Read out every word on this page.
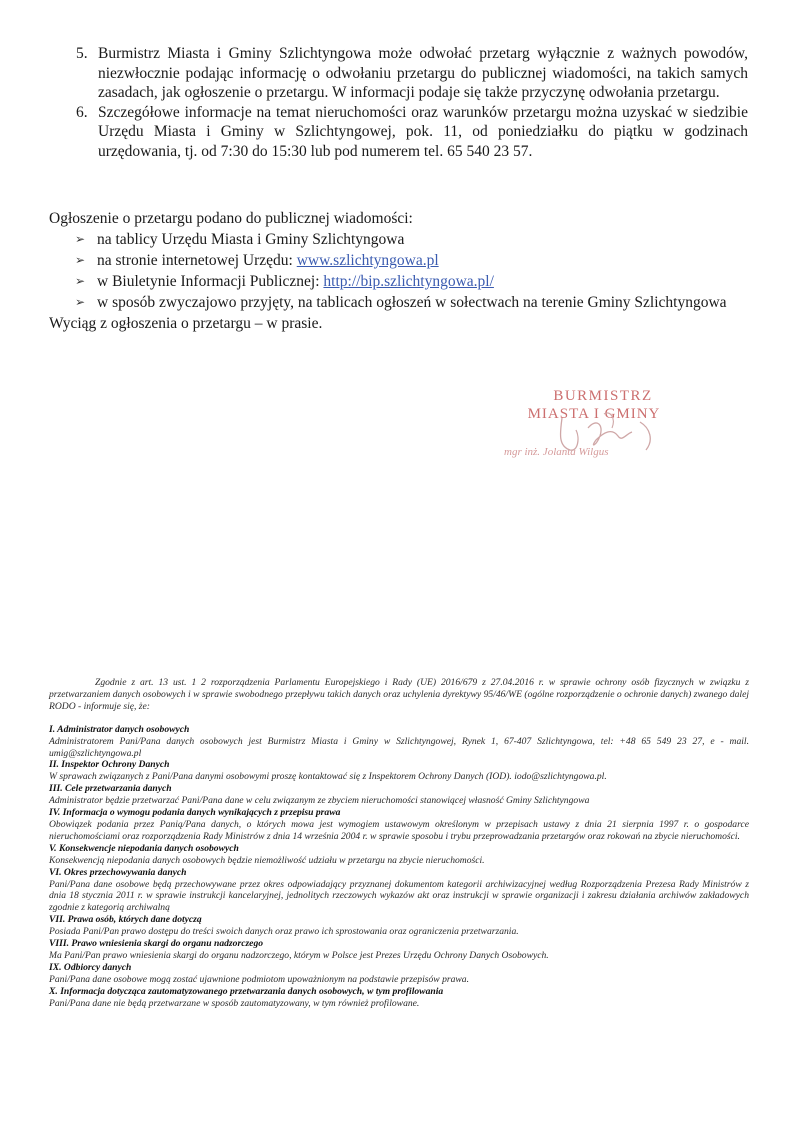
5. Burmistrz Miasta i Gminy Szlichtyngowa może odwołać przetarg wyłącznie z ważnych powodów, niezwłocznie podając informację o odwołaniu przetargu do publicznej wiadomości, na takich samych zasadach, jak ogłoszenie o przetargu. W informacji podaje się także przyczynę odwołania przetargu.
6. Szczegółowe informacje na temat nieruchomości oraz warunków przetargu można uzyskać w siedzibie Urzędu Miasta i Gminy w Szlichtyngowej, pok. 11, od poniedziałku do piątku w godzinach urzędowania, tj. od 7:30 do 15:30 lub pod numerem tel. 65 540 23 57.

Ogłoszenie o przetargu podano do publicznej wiadomości:

➢ na tablicy Urzędu Miasta i Gminy Szlichtyngowa
➢ na stronie internetowej Urzędu: www.szlichtyngowa.pl
➢ w Biuletynie Informacji Publicznej: http://bip.szlichtyngowa.pl/
➢ w sposób zwyczajowo przyjęty, na tablicach ogłoszeń w sołectwach na terenie Gminy Szlichtyngowa

Wyciąg z ogłoszenia o przetargu – w prasie.

BURMISTRZ
MIASTA I GMINY
mgr inż. Jolanta Wilgus

Zgodnie z art. 13 ust. 1 2 rozporządzenia Parlamentu Europejskiego i Rady (UE) 2016/679 z 27.04.2016 r. w sprawie ochrony osób fizycznych w związku z przetwarzaniem danych osobowych i w sprawie swobodnego przepływu takich danych oraz uchylenia dyrektywy 95/46/WE (ogólne rozporządzenie o ochronie danych) zwanego dalej RODO - informuje się, że:

I. Administrator danych osobowych

Administratorem Pani/Pana danych osobowych jest Burmistrz Miasta i Gminy w Szlichtyngowej, Rynek 1, 67-407 Szlichtyngowa, tel: +48 65 549 23 27, e - mail. umig@szlichtyngowa.pl

II. Inspektor Ochrony Danych

W sprawach związanych z Pani/Pana danymi osobowymi proszę kontaktować się z Inspektorem Ochrony Danych (IOD). iodo@szlichtyngowa.pl.

III. Cele przetwarzania danych

Administrator będzie przetwarzać Pani/Pana dane w celu związanym ze zbyciem nieruchomości stanowiącej własność Gminy Szlichtyngowa

IV. Informacja o wymogu podania danych wynikających z przepisu prawa

Obowiązek podania przez Panią/Pana danych, o których mowa jest wymogiem ustawowym określonym w przepisach ustawy z dnia 21 sierpnia 1997 r. o gospodarce nieruchomościami oraz rozporządzenia Rady Ministrów z dnia 14 września 2004 r. w sprawie sposobu i trybu przeprowadzania przetargów oraz rokowań na zbycie nieruchomości.

V. Konsekwencje niepodania danych osobowych

Konsekwencją niepodania danych osobowych będzie niemożliwość udziału w przetargu na zbycie nieruchomości.

VI. Okres przechowywania danych

Pani/Pana dane osobowe będą przechowywane przez okres odpowiadający przyznanej dokumentom kategorii archiwizacyjnej według Rozporządzenia Prezesa Rady Ministrów z dnia 18 stycznia 2011 r. w sprawie instrukcji kancelaryjnej, jednolitych rzeczowych wykazów akt oraz instrukcji w sprawie organizacji i zakresu działania archiwów zakładowych zgodnie z kategorią archiwalną

VII. Prawa osób, których dane dotyczą

Posiada Pani/Pan prawo dostępu do treści swoich danych oraz prawo ich sprostowania oraz ograniczenia przetwarzania.

VIII. Prawo wniesienia skargi do organu nadzorczego

Ma Pani/Pan prawo wniesienia skargi do organu nadzorczego, którym w Polsce jest Prezes Urzędu Ochrony Danych Osobowych.

IX. Odbiorcy danych

Pani/Pana dane osobowe mogą zostać ujawnione podmiotom upoważnionym na podstawie przepisów prawa.

X. Informacja dotycząca zautomatyzowanego przetwarzania danych osobowych, w tym profilowania

Pani/Pana dane nie będą przetwarzane w sposób zautomatyzowany, w tym również profilowane.
